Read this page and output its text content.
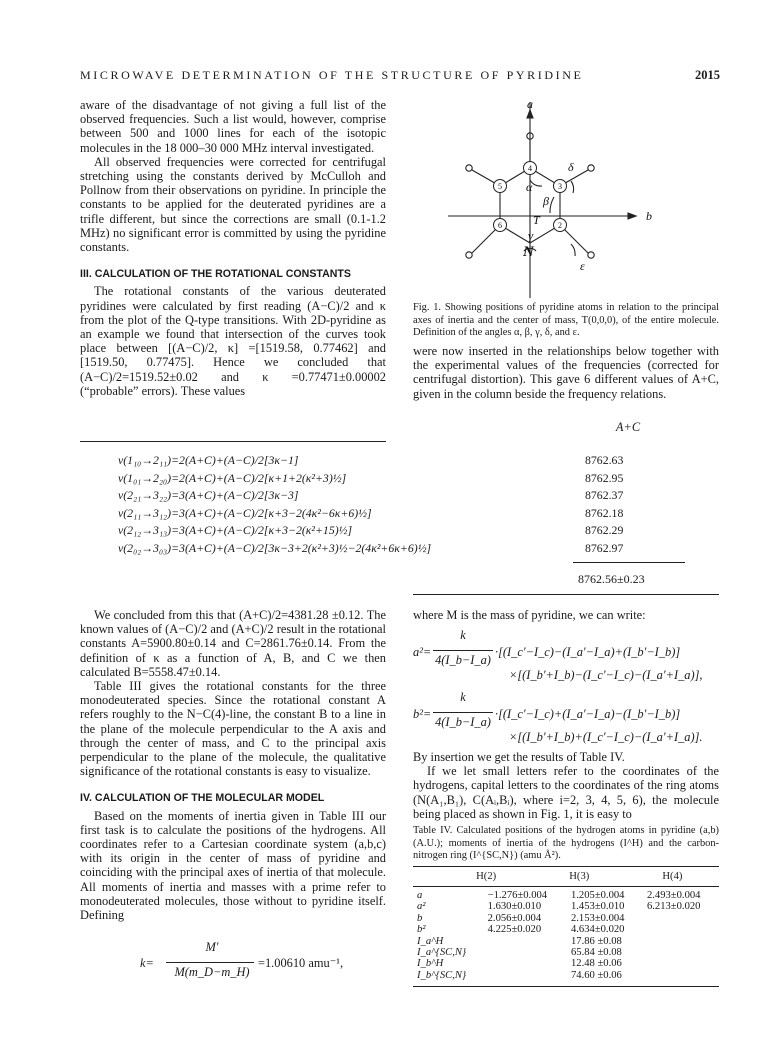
MICROWAVE DETERMINATION OF THE STRUCTURE OF PYRIDINE	2015

aware of the disadvantage of not giving a full list of the observed frequencies. Such a list would, however, comprise between 500 and 1000 lines for each of the isotopic molecules in the 18 000–30 000 MHz interval investigated.

All observed frequencies were corrected for centrifugal stretching using the constants derived by McCulloh and Pollnow from their observations on pyridine. In principle the constants to be applied for the deuterated pyridines are a trifle different, but since the corrections are small (0.1-1.2 MHz) no significant error is committed by using the pyridine constants.

III. CALCULATION OF THE ROTATIONAL CONSTANTS

The rotational constants of the various deuterated pyridines were calculated by first reading (A−C)/2 and κ from the plot of the Q-type transitions. With 2D-pyridine as an example we found that intersection of the curves took place between [(A−C)/2, κ] =[1519.58, 0.77462] and [1519.50, 0.77475]. Hence we concluded that (A−C)/2=1519.52±0.02 and κ =0.77471±0.00002 (“probable” errors). These values

4
3
2
5
6
a
b
T
N
α
β
γ
δ
ε
Fig. 1. Showing positions of pyridine atoms in relation to the principal axes of inertia and the center of mass, T(0,0,0), of the entire molecule. Definition of the angles α, β, γ, δ, and ε.

were now inserted in the relationships below together with the experimental values of the frequencies (corrected for centrifugal distortion). This gave 6 different values of A+C, given in the column beside the frequency relations.

A+C
ν(1₁₀→2₁₁)=2(A+C)+(A−C)/2[3κ−1]	8762.63
ν(1₀₁→2₂₀)=2(A+C)+(A−C)/2[κ+1+2(κ²+3)½]	8762.95
ν(2₂₁→3₂₂)=3(A+C)+(A−C)/2[3κ−3]	8762.37
ν(2₁₁→3₁₂)=3(A+C)+(A−C)/2[κ+3−2(4κ²−6κ+6)½]	8762.18
ν(2₁₂→3₁₃)=3(A+C)+(A−C)/2[κ+3−2(κ²+15)½]	8762.29
ν(2₀₂→3₀₃)=3(A+C)+(A−C)/2[3κ−3+2(κ²+3)½−2(4κ²+6κ+6)½]	8762.97
8762.56±0.23

We concluded from this that (A+C)/2=4381.28 ±0.12. The known values of (A−C)/2 and (A+C)/2 result in the rotational constants A=5900.80±0.14 and C=2861.76±0.14. From the definition of κ as a function of A, B, and C we then calculated B=5558.47±0.14.

Table III gives the rotational constants for the three monodeuterated species. Since the rotational constant A refers roughly to the N−C(4)-line, the constant B to a line in the plane of the molecule perpendicular to the A axis and through the center of mass, and C to the principal axis perpendicular to the plane of the molecule, the qualitative significance of the rotational constants is easy to visualize.

IV. CALCULATION OF THE MOLECULAR MODEL

Based on the moments of inertia given in Table III our first task is to calculate the positions of the hydrogens. All coordinates refer to a Cartesian coordinate system (a,b,c) with its origin in the center of mass of pyridine and coinciding with the principal axes of inertia of that molecule. All moments of inertia and masses with a prime refer to monodeuterated molecules, those without to pyridine itself. Defining

k=
M′
M(m_D−m_H)
=1.00610 amu⁻¹,

where M is the mass of pyridine, we can write:

a²=
k
4(I_b−I_a)
·[(I_c′−I_c)−(I_a′−I_a)+(I_b′−I_b)]
×[(I_b′+I_b)−(I_c′−I_c)−(I_a′+I_a)],
b²=
k
4(I_b−I_a)
·[(I_c′−I_c)+(I_a′−I_a)−(I_b′−I_b)]
×[(I_b′+I_b)+(I_c′−I_c)−(I_a′+I_a)].

By insertion we get the results of Table IV.

If we let small letters refer to the coordinates of the hydrogens, capital letters to the coordinates of the ring atoms (N(A₁,B₁), C(Aᵢ,Bᵢ), where i=2, 3, 4, 5, 6), the molecule being placed as shown in Fig. 1, it is easy to

Table IV. Calculated positions of the hydrogen atoms in pyridine (a,b) (A.U.); moments of inertia of the hydrogens (I^H) and the carbon-nitrogen ring (I^{SC,N}) (amu Å²).
	H(2)	H(3)	H(4)
a	−1.276±0.004	1.205±0.004	2.493±0.004
a²	1.630±0.010	1.453±0.010	6.213±0.020
b	2.056±0.004	2.153±0.004	
b²	4.225±0.020	4.634±0.020	
I_a^H		17.86 ±0.08	
I_a^{SC,N}		65.84 ±0.08	
I_b^H		12.48 ±0.06	
I_b^{SC,N}		74.60 ±0.06	
